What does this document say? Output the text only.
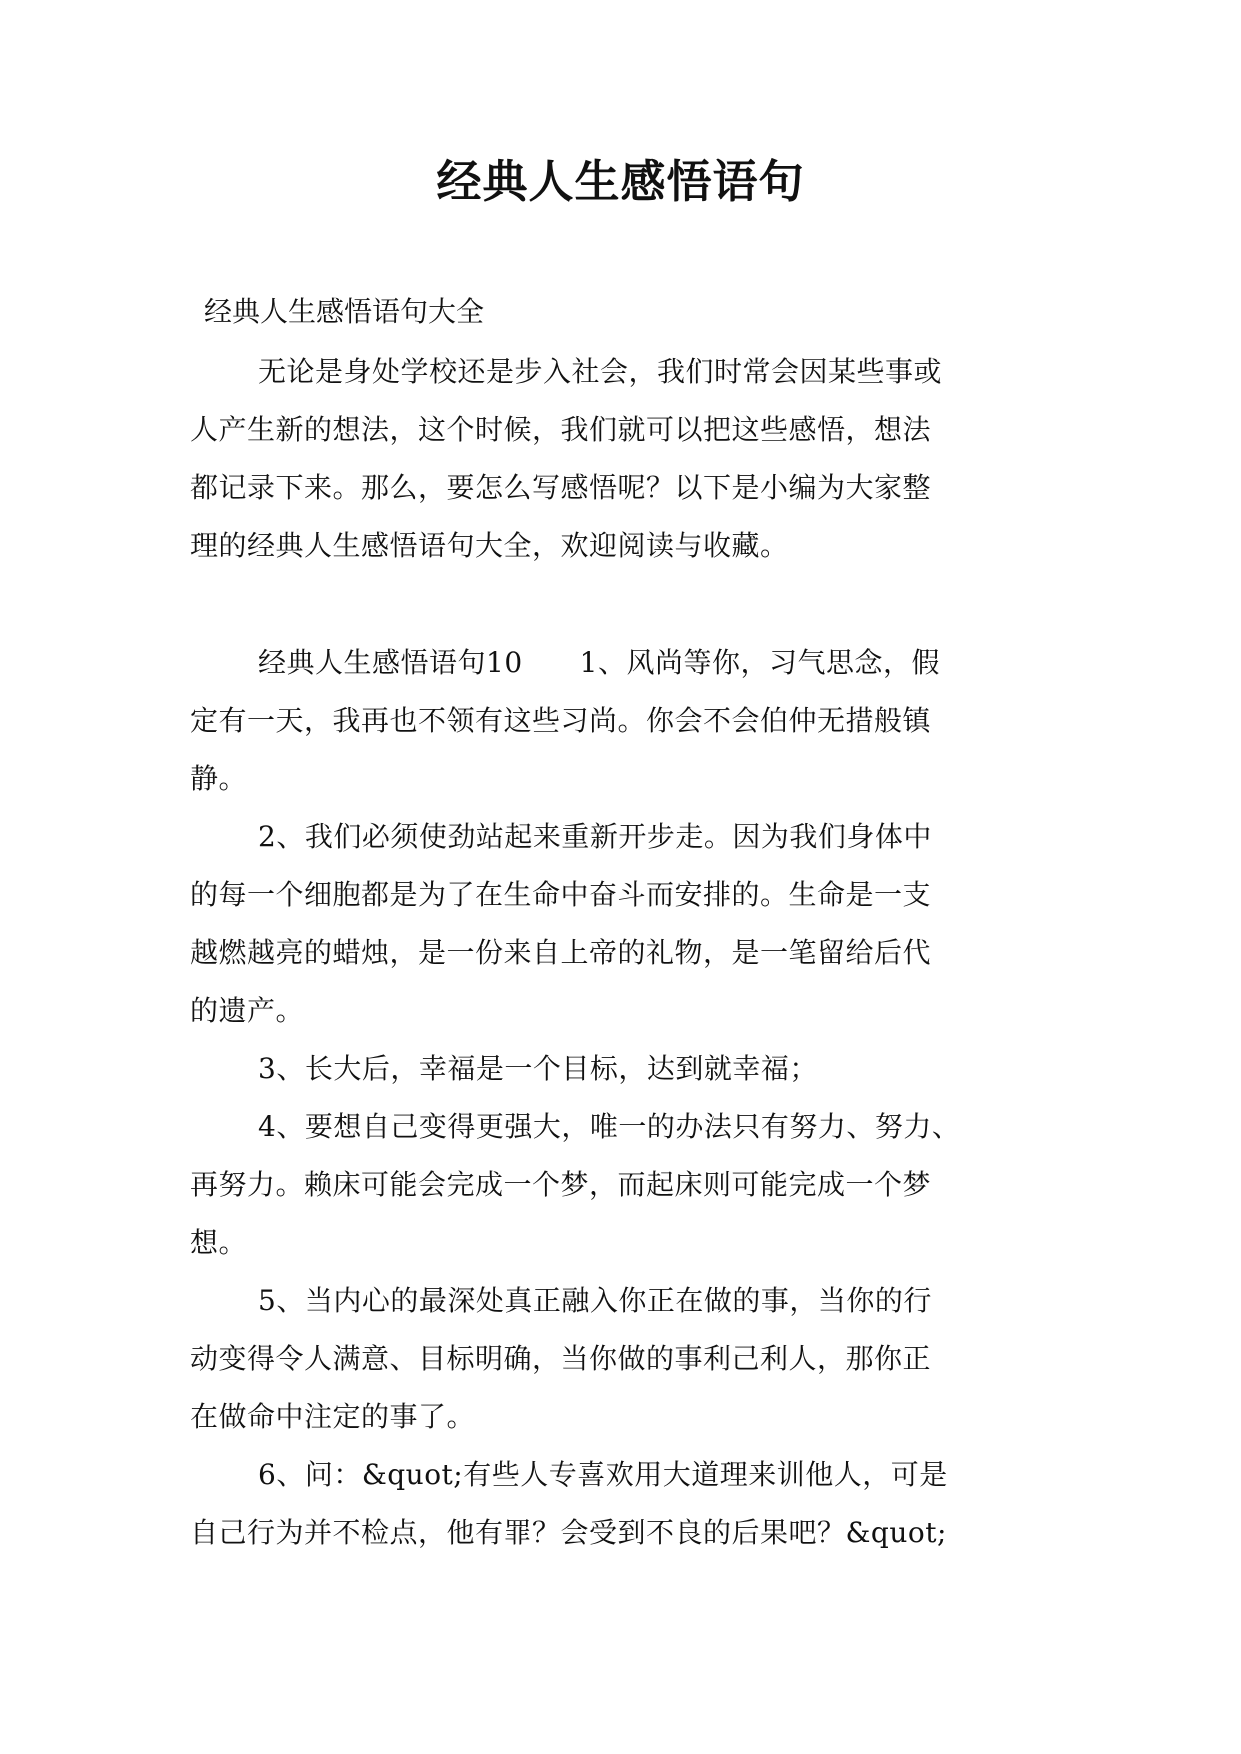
经典人生感悟语句
经典人生感悟语句大全
无论是身处学校还是步入社会，我们时常会因某些事或
人产生新的想法，这个时候，我们就可以把这些感悟，想法
都记录下来。那么，要怎么写感悟呢？以下是小编为大家整
理的经典人生感悟语句大全，欢迎阅读与收藏。
经典人生感悟语句10　　1、风尚等你，习气思念，假
定有一天，我再也不领有这些习尚。你会不会伯仲无措般镇
静。
2、我们必须使劲站起来重新开步走。因为我们身体中
的每一个细胞都是为了在生命中奋斗而安排的。生命是一支
越燃越亮的蜡烛，是一份来自上帝的礼物，是一笔留给后代
的遗产。
3、长大后，幸福是一个目标，达到就幸福；
4、要想自己变得更强大，唯一的办法只有努力、努力、
再努力。赖床可能会完成一个梦，而起床则可能完成一个梦
想。
5、当内心的最深处真正融入你正在做的事，当你的行
动变得令人满意、目标明确，当你做的事利己利人，那你正
在做命中注定的事了。
6、问：&quot;有些人专喜欢用大道理来训他人，可是
自己行为并不检点，他有罪？会受到不良的后果吧？&quot;
